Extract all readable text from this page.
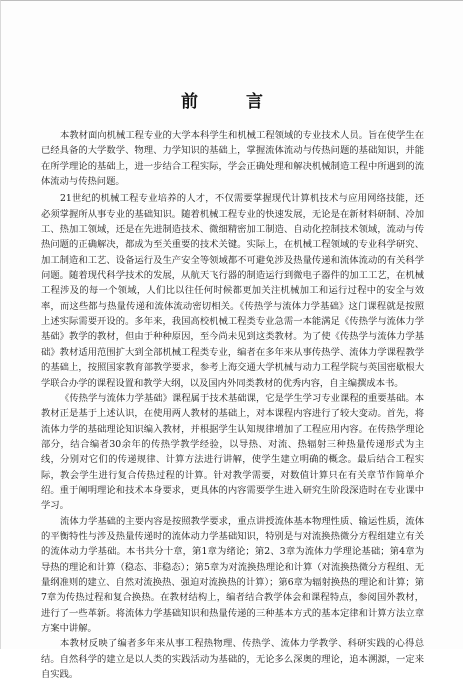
前 言

本教材面向机械工程专业的大学本科学生和机械工程领域的专业技术人员。旨在使学生在已经具备的大学数学、物理、力学知识的基础上，掌握流体流动与传热问题的基础知识，并能在所学理论的基础上，进一步结合工程实际，学会正确处理和解决机械制造工程中所遇到的流体流动与传热问题。

21世纪的机械工程专业培养的人才，不仅需要掌握现代计算机技术与应用网络技能，还必须掌握所从事专业的基础知识。随着机械工程专业的快速发展，无论是在新材料研制、冷加工、热加工领域，还是在先进制造技术、微细精密加工制造、自动化控制技术领域，流动与传热问题的正确解决，都成为至关重要的技术关键。实际上，在机械工程领域的专业科学研究、加工制造和工艺、设备运行及生产安全等领域都不可避免涉及热量传递和流体流动的有关科学问题。随着现代科学技术的发展，从航天飞行器的制造运行到微电子器件的加工工艺，在机械工程涉及的每一个领域，人们比以往任何时候都更加关注机械加工和运行过程中的安全与效率，而这些都与热量传递和流体流动密切相关。《传热学与流体力学基础》这门课程就是按照上述实际需要开设的。多年来，我国高校机械工程类专业急需一本能满足《传热学与流体力学基础》教学的教材，但由于种种原因，至今尚未见到这类教材。为了使《传热学与流体力学基础》教材适用范围扩大到全部机械工程类专业，编者在多年来从事传热学、流体力学课程教学的基础上，按照国家教育部教学要求，参考上海交通大学机械与动力工程学院与英国密歇根大学联合办学的课程设置和教学大纲，以及国内外同类教材的优秀内容，自主编撰成本书。

《传热学与流体力学基础》课程属于技术基础课，它是学生学习专业课程的重要基础。本教材正是基于上述认识，在使用两人教材的基础上，对本课程内容进行了较大变动。首先，将流体力学的基础理论知识编入教材，并根据学生认知规律增加了工程应用内容。在传热学理论部分，结合编者30余年的传热学教学经验，以导热、对流、热辐射三种热量传递形式为主线，分别对它们的传递规律、计算方法进行讲解，使学生建立明确的概念。最后结合工程实际，教会学生进行复合传热过程的计算。针对教学需要，对数值计算只在有关章节作简单介绍。重于阐明理论和技术本身要求，更具体的内容需要学生进入研究生阶段深造时在专业课中学习。

流体力学基础的主要内容是按照教学要求，重点讲授流体基本物理性质、输运性质，流体的平衡特性与涉及热量传递时的流体动力学基础知识，特别是与对流换热微分方程组建立有关的流体动力学基础。本书共分十章，第1章为绪论；第2、3章为流体力学理论基础；第4章为导热的理论和计算（稳态、非稳态）；第5章为对流换热理论和计算（对流换热微分方程组、无量纲准则的建立、自然对流换热、强迫对流换热的计算）；第6章为辐射换热的理论和计算；第7章为传热过程和复合换热。在教材结构上，编者结合教学体会和课程特点，参阅国外教材，进行了一些革新。将流体力学基础知识和热量传递的三种基本方式的基本定律和计算方法立章方案中讲解。

本教材反映了编者多年来从事工程热物理、传热学、流体力学教学、科研实践的心得总结。自然科学的建立是以人类的实践活动为基础的，无论多么深奥的理论，追本溯源，一定来自实践。
